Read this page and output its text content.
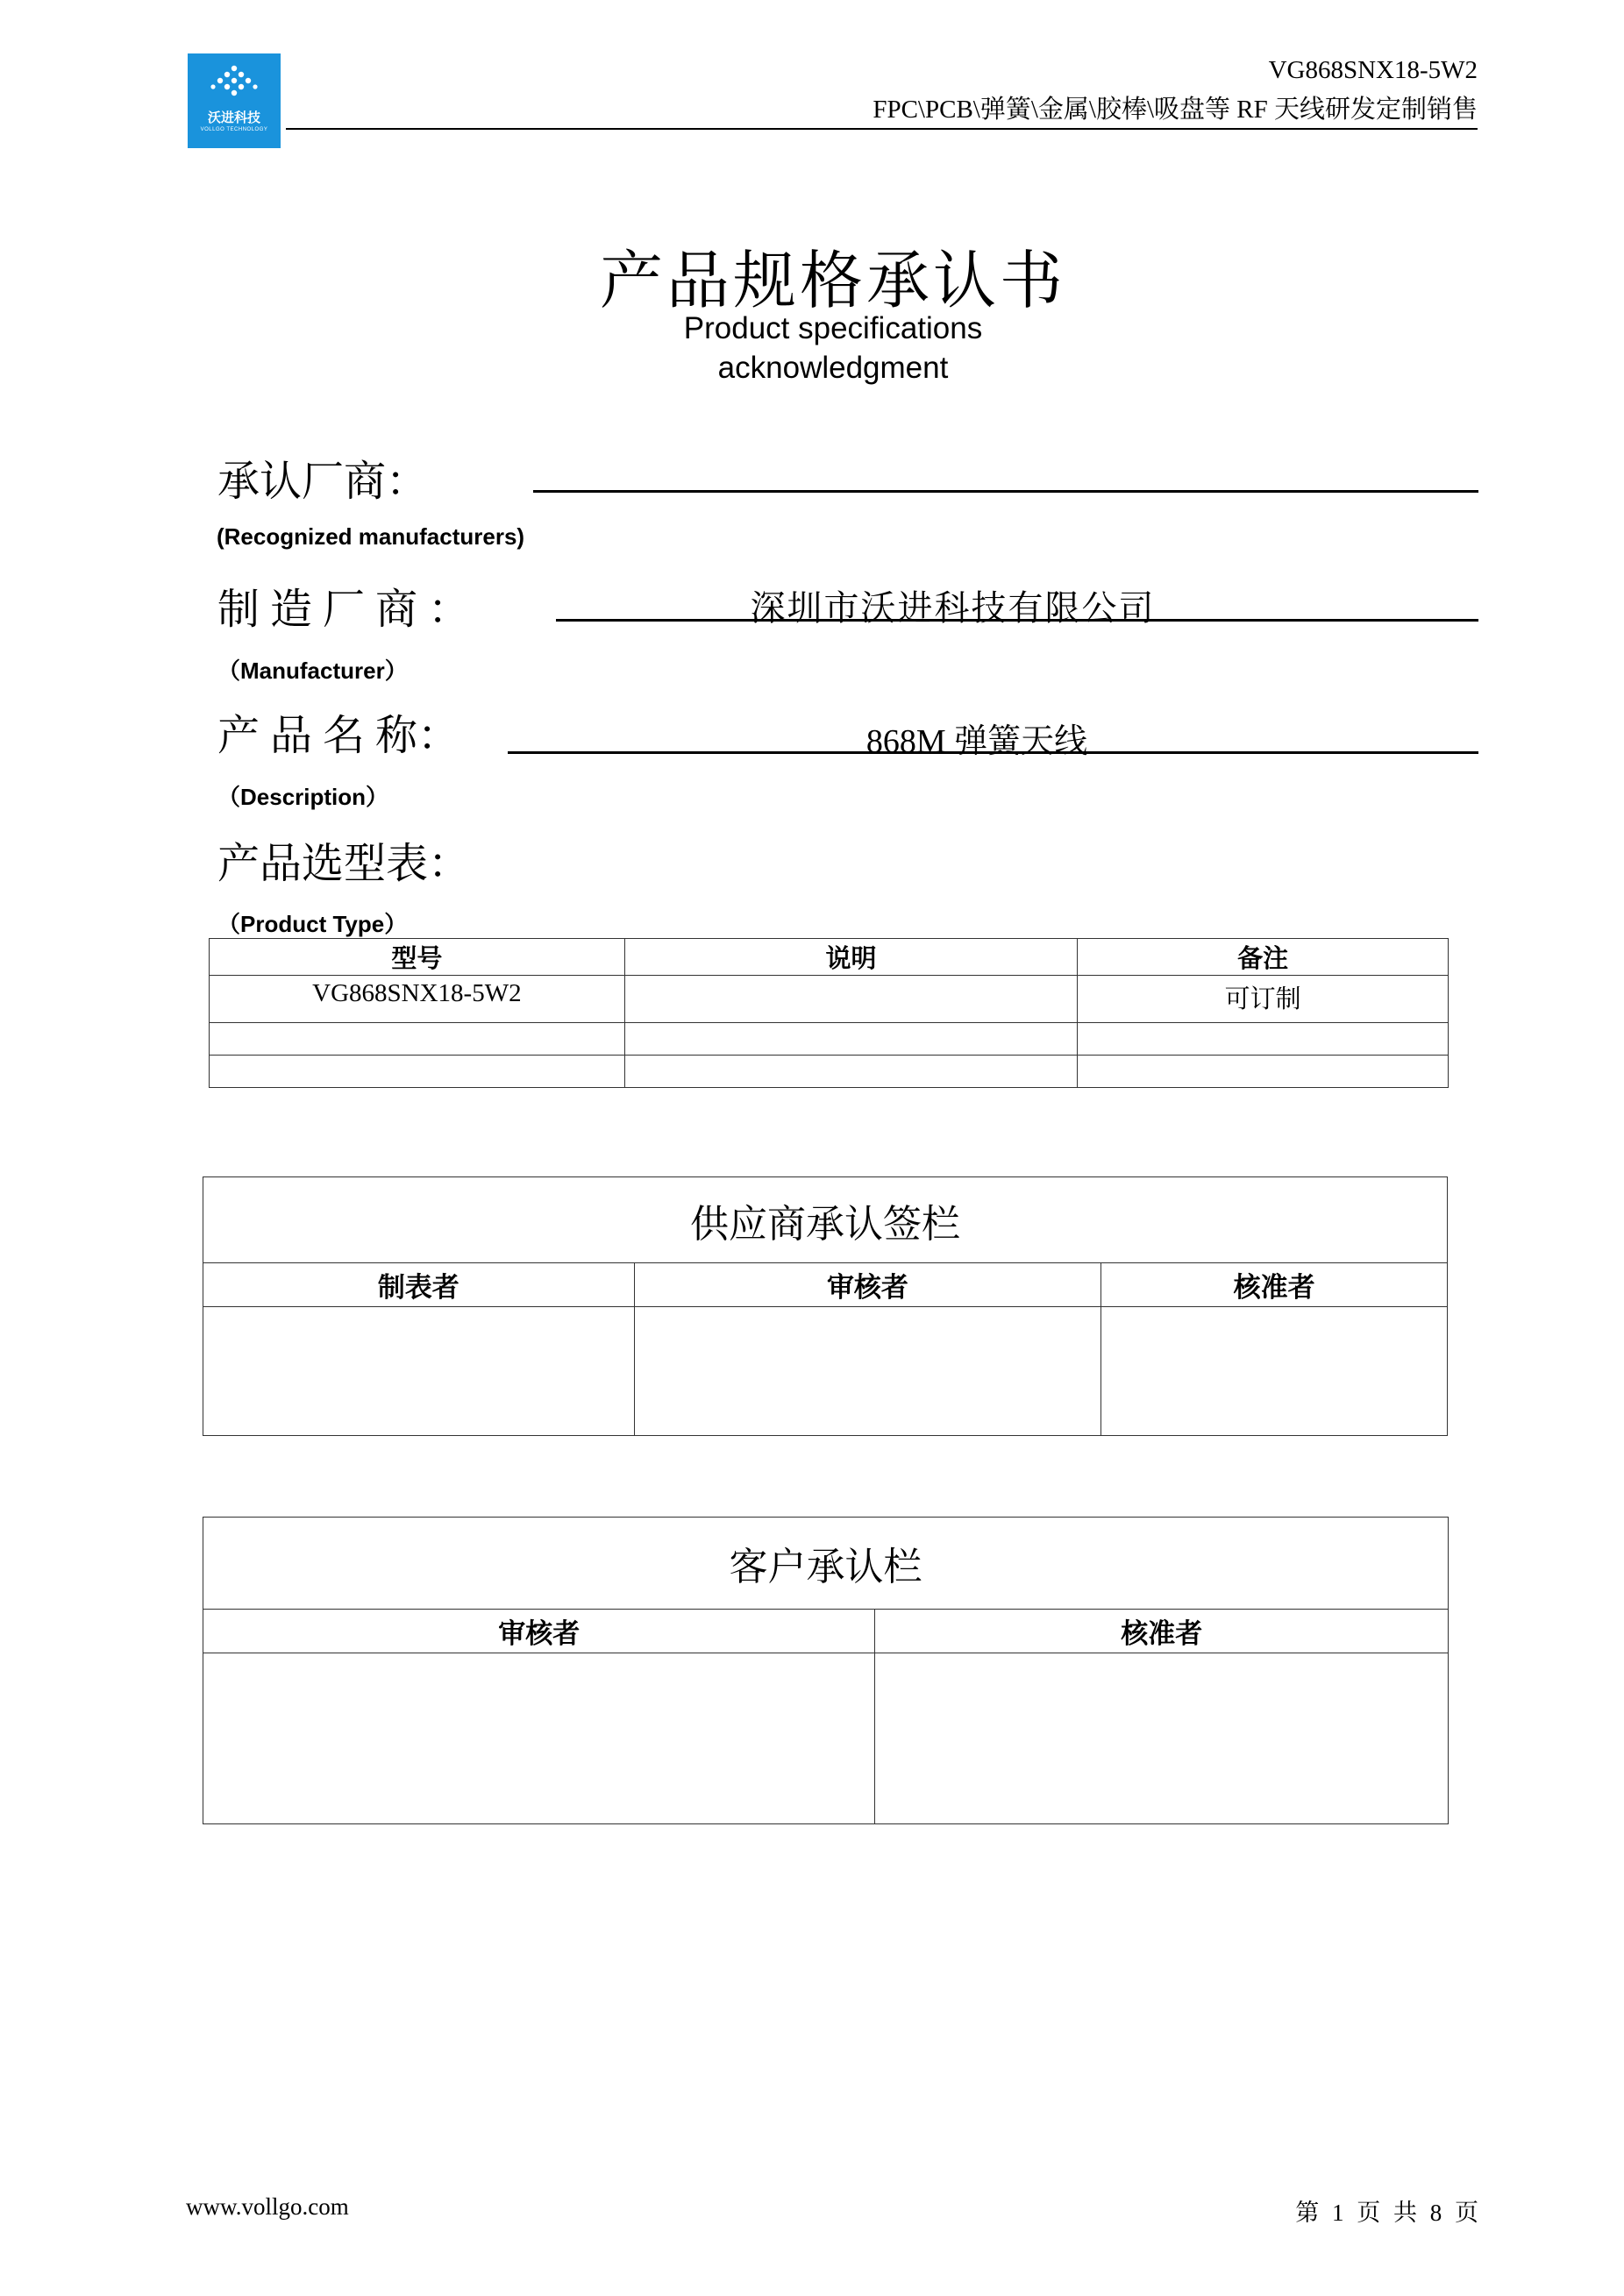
沃进科技
VOLLGO TECHNOLOGY
VG868SNX18-5W2
FPC\PCB\弹簧\金属\胶棒\吸盘等 RF 天线研发定制销售
产品规格承认书
Product specifications
acknowledgment
承认厂商：
(Recognized manufacturers)
制 造 厂 商 ：	深圳市沃进科技有限公司
（Manufacturer）
产 品 名 称：	868M 弹簧天线
（Description）
产品选型表：
（Product Type）
型号	说明	备注
VG868SNX18-5W2		可订制

供应商承认签栏		
制表者	审核者	核准者

客户承认栏	
审核者	核准者

www.vollgo.com	第 1 页 共 8 页
